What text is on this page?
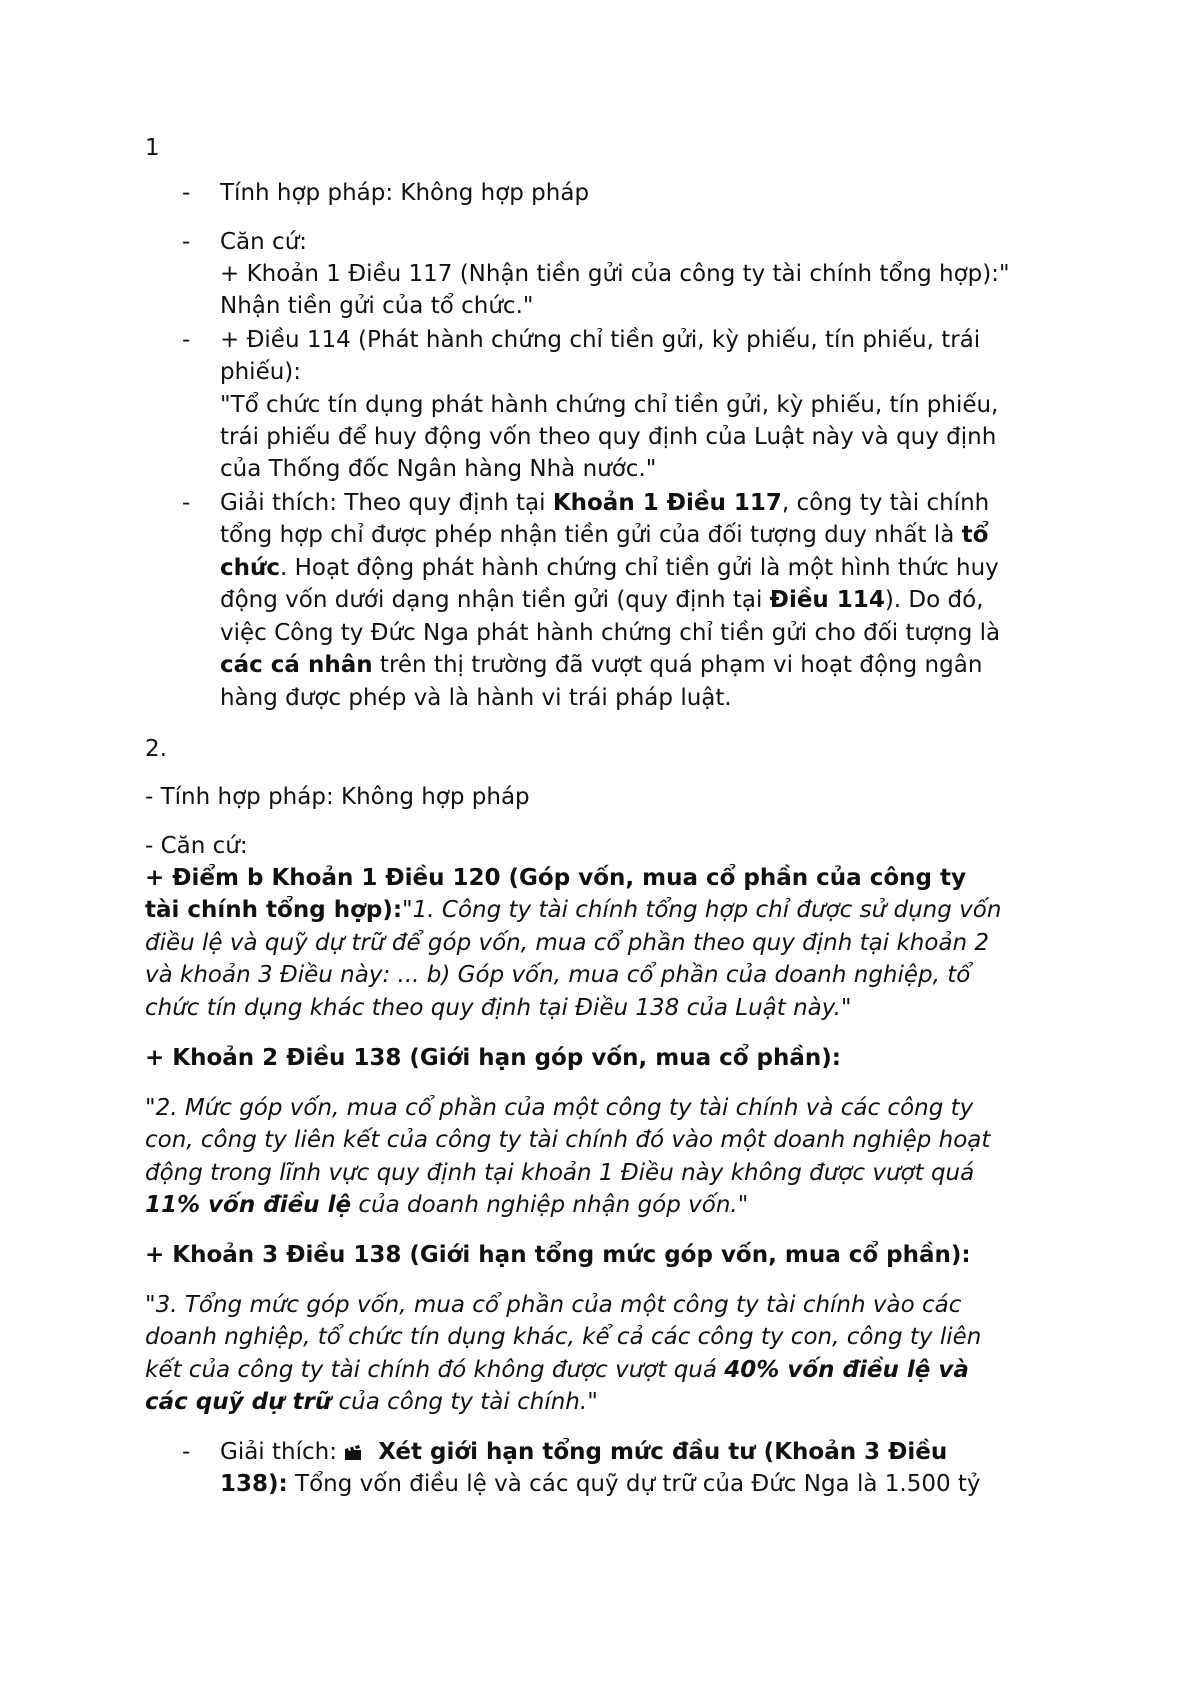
1
- Tính hợp pháp: Không hợp pháp
- Căn cứ:
+ Khoản 1 Điều 117 (Nhận tiền gửi của công ty tài chính tổng hợp):"
Nhận tiền gửi của tổ chức."
- + Điều 114 (Phát hành chứng chỉ tiền gửi, kỳ phiếu, tín phiếu, trái
phiếu):
"Tổ chức tín dụng phát hành chứng chỉ tiền gửi, kỳ phiếu, tín phiếu,
trái phiếu để huy động vốn theo quy định của Luật này và quy định
của Thống đốc Ngân hàng Nhà nước."
- Giải thích: Theo quy định tại Khoản 1 Điều 117, công ty tài chính
tổng hợp chỉ được phép nhận tiền gửi của đối tượng duy nhất là tổ
chức. Hoạt động phát hành chứng chỉ tiền gửi là một hình thức huy
động vốn dưới dạng nhận tiền gửi (quy định tại Điều 114). Do đó,
việc Công ty Đức Nga phát hành chứng chỉ tiền gửi cho đối tượng là
các cá nhân trên thị trường đã vượt quá phạm vi hoạt động ngân
hàng được phép và là hành vi trái pháp luật.
2.
- Tính hợp pháp: Không hợp pháp
- Căn cứ:
+ Điểm b Khoản 1 Điều 120 (Góp vốn, mua cổ phần của công ty
tài chính tổng hợp):"1. Công ty tài chính tổng hợp chỉ được sử dụng vốn
điều lệ và quỹ dự trữ để góp vốn, mua cổ phần theo quy định tại khoản 2
và khoản 3 Điều này: ... b) Góp vốn, mua cổ phần của doanh nghiệp, tổ
chức tín dụng khác theo quy định tại Điều 138 của Luật này."
+ Khoản 2 Điều 138 (Giới hạn góp vốn, mua cổ phần):
"2. Mức góp vốn, mua cổ phần của một công ty tài chính và các công ty
con, công ty liên kết của công ty tài chính đó vào một doanh nghiệp hoạt
động trong lĩnh vực quy định tại khoản 1 Điều này không được vượt quá
11% vốn điều lệ của doanh nghiệp nhận góp vốn."
+ Khoản 3 Điều 138 (Giới hạn tổng mức góp vốn, mua cổ phần):
"3. Tổng mức góp vốn, mua cổ phần của một công ty tài chính vào các
doanh nghiệp, tổ chức tín dụng khác, kể cả các công ty con, công ty liên
kết của công ty tài chính đó không được vượt quá 40% vốn điều lệ và
các quỹ dự trữ của công ty tài chính."
- Giải thích:  Xét giới hạn tổng mức đầu tư (Khoản 3 Điều
138): Tổng vốn điều lệ và các quỹ dự trữ của Đức Nga là 1.500 tỷ
